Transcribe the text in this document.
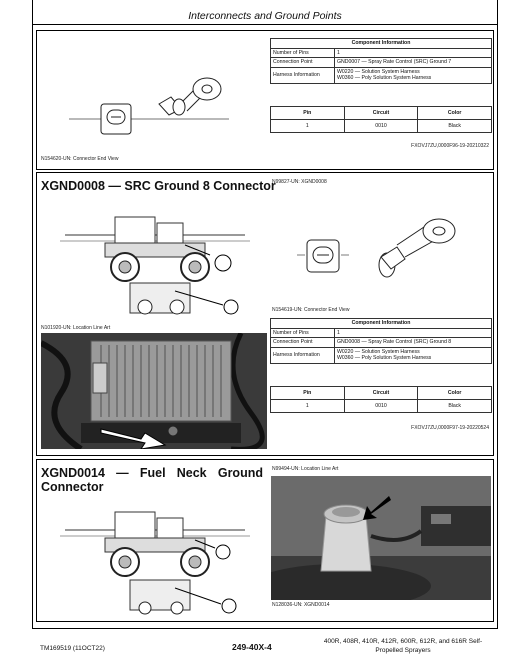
Interconnects and Ground Points
N154620-UN: Connector End View
Component Information	
Number of Pins	1
Connection Point	GND0007 — Spray Rate Control (SRC) Ground 7
Harness Information	W0220 — Solution System Harness
W0360 — Poly Solution System Harness
Pin	Circuit	Color
1	0010	Black
FXOVJ7ZU,0000F96-19-20210322
XGND0008 — SRC Ground 8 Connector
N99827-UN: XGND0008
N101920-UN: Location Line Art
N154619-UN: Connector End View
Component Information	
Number of Pins	1
Connection Point	GND0008 — Spray Rate Control (SRC) Ground 8
Harness Information	W0220 — Solution System Harness
W0360 — Poly Solution System Harness
Pin	Circuit	Color
1	0010	Black
FXOVJ7ZU,0000F97-19-20220524
XGND0014 — Fuel Neck Ground
Connector
N99494-UN: Location Line Art
N128036-UN: XGND0014
TM169519 (11OCT22)	249-40X-4
400R, 408R, 410R, 412R, 600R, 612R, and 616R Self-
Propelled Sprayers
